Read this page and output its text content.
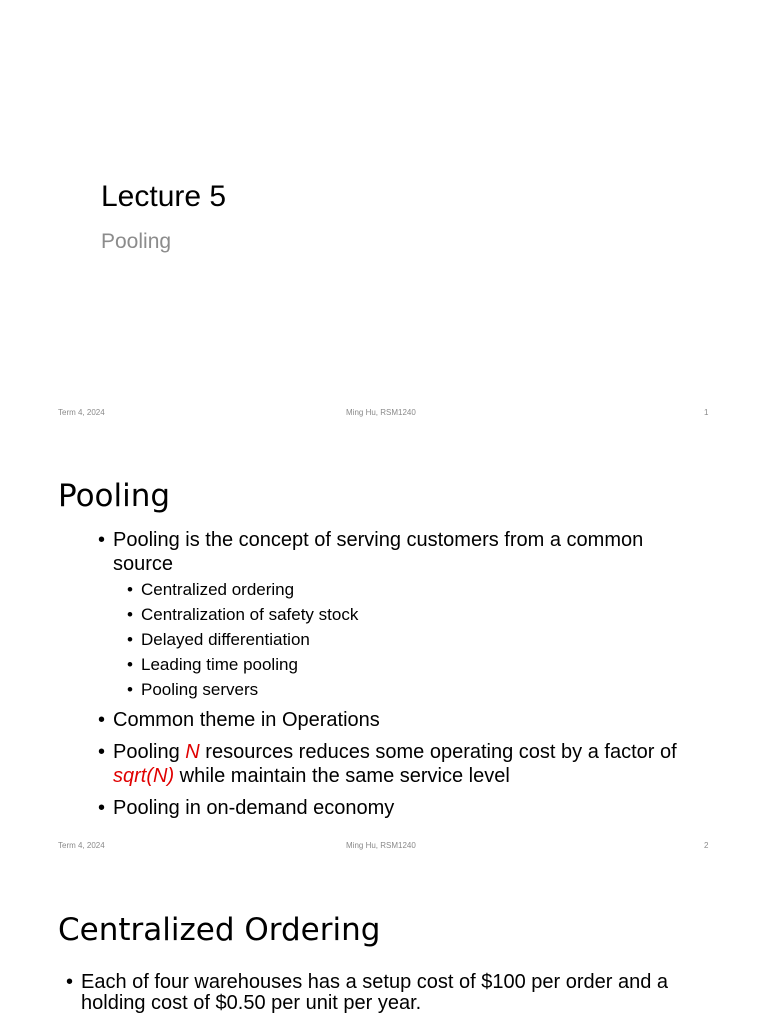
Lecture 5
Pooling
Term 4, 2024	Ming Hu, RSM1240	1
Pooling
• Pooling is the concept of serving customers from a common source
• Centralized ordering
• Centralization of safety stock
• Delayed differentiation
• Leading time pooling
• Pooling servers
• Common theme in Operations
• Pooling N resources reduces some operating cost by a factor of sqrt(N) while maintain the same service level
• Pooling in on-demand economy
Term 4, 2024	Ming Hu, RSM1240	2
Centralized Ordering
• Each of four warehouses has a setup cost of $100 per order and a holding cost of $0.50 per unit per year.
